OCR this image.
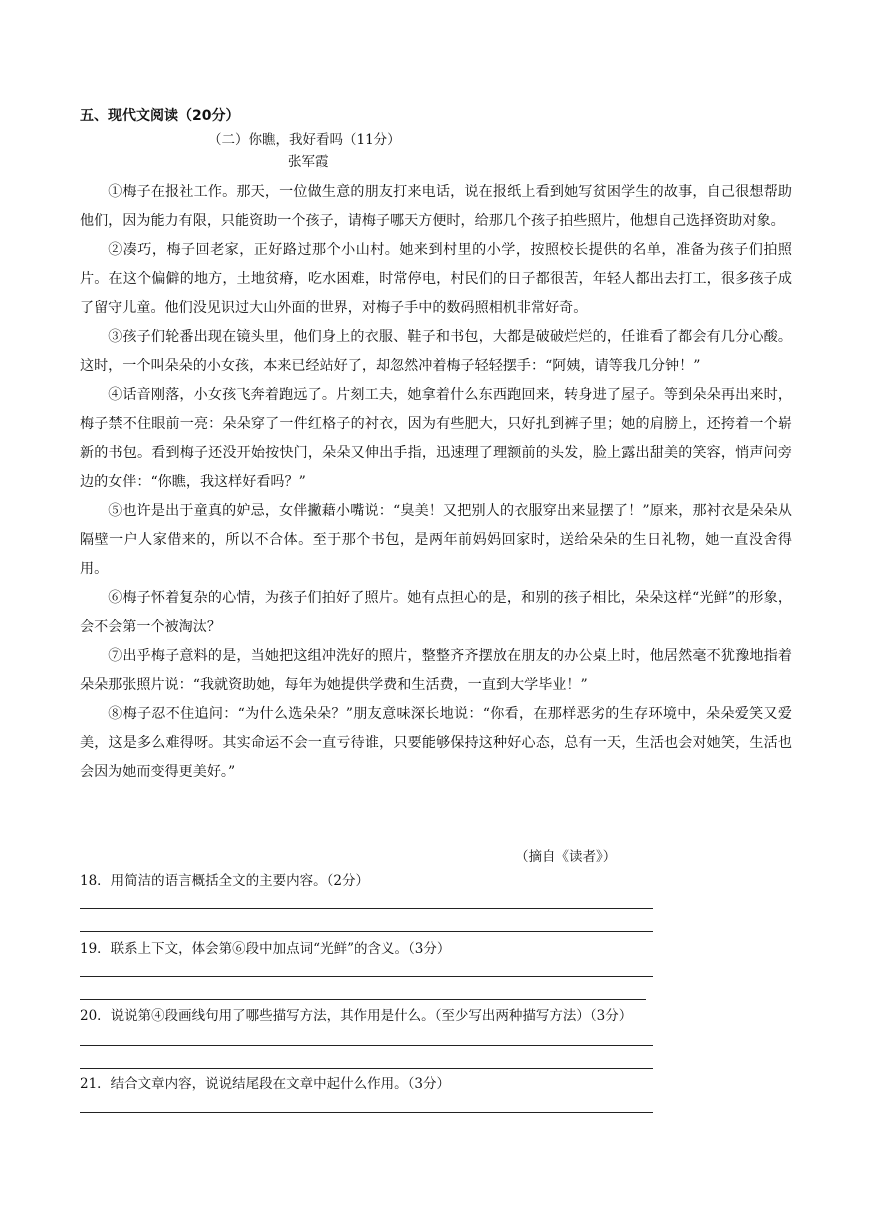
五、现代文阅读（20分）
（二）你瞧，我好看吗（11分）
张军霞

①梅子在报社工作。那天，一位做生意的朋友打来电话，说在报纸上看到她写贫困学生的故事，自己很想帮助他们，因为能力有限，只能资助一个孩子，请梅子哪天方便时，给那几个孩子拍些照片，他想自己选择资助对象。

②凑巧，梅子回老家，正好路过那个小山村。她来到村里的小学，按照校长提供的名单，准备为孩子们拍照片。在这个偏僻的地方，土地贫瘠，吃水困难，时常停电，村民们的日子都很苦，年轻人都出去打工，很多孩子成了留守儿童。他们没见识过大山外面的世界，对梅子手中的数码照相机非常好奇。

③孩子们轮番出现在镜头里，他们身上的衣服、鞋子和书包，大都是破破烂烂的，任谁看了都会有几分心酸。这时，一个叫朵朵的小女孩，本来已经站好了，却忽然冲着梅子轻轻摆手：“阿姨，请等我几分钟！”

④话音刚落，小女孩飞奔着跑远了。片刻工夫，她拿着什么东西跑回来，转身进了屋子。等到朵朵再出来时，梅子禁不住眼前一亮：朵朵穿了一件红格子的衬衣，因为有些肥大，只好扎到裤子里；她的肩膀上，还挎着一个崭新的书包。看到梅子还没开始按快门，朵朵又伸出手指，迅速理了理额前的头发，脸上露出甜美的笑容，悄声问旁边的女伴：“你瞧，我这样好看吗？”

⑤也许是出于童真的妒忌，女伴撇藉小嘴说：“臭美！又把别人的衣服穿出来显摆了！”原来，那衬衣是朵朵从隔壁一户人家借来的，所以不合体。至于那个书包，是两年前妈妈回家时，送给朵朵的生日礼物，她一直没舍得用。

⑥梅子怀着复杂的心情，为孩子们拍好了照片。她有点担心的是，和别的孩子相比，朵朵这样“光鲜”的形象，会不会第一个被淘汰？

⑦出乎梅子意料的是，当她把这组冲洗好的照片，整整齐齐摆放在朋友的办公桌上时，他居然毫不犹豫地指着朵朵那张照片说：“我就资助她，每年为她提供学费和生活费，一直到大学毕业！”

⑧梅子忍不住追问：“为什么选朵朵？”朋友意味深长地说：“你看，在那样恶劣的生存环境中，朵朵爱笑又爱美，这是多么难得呀。其实命运不会一直亏待谁，只要能够保持这种好心态，总有一天，生活也会对她笑，生活也会因为她而变得更美好。”

（摘自《读者》）
18．用简洁的语言概括全文的主要内容。（2分）
19．联系上下文，体会第⑥段中加点词“光鲜”的含义。（3分）
20．说说第④段画线句用了哪些描写方法，其作用是什么。（至少写出两种描写方法）（3分）
21．结合文章内容，说说结尾段在文章中起什么作用。（3分）
